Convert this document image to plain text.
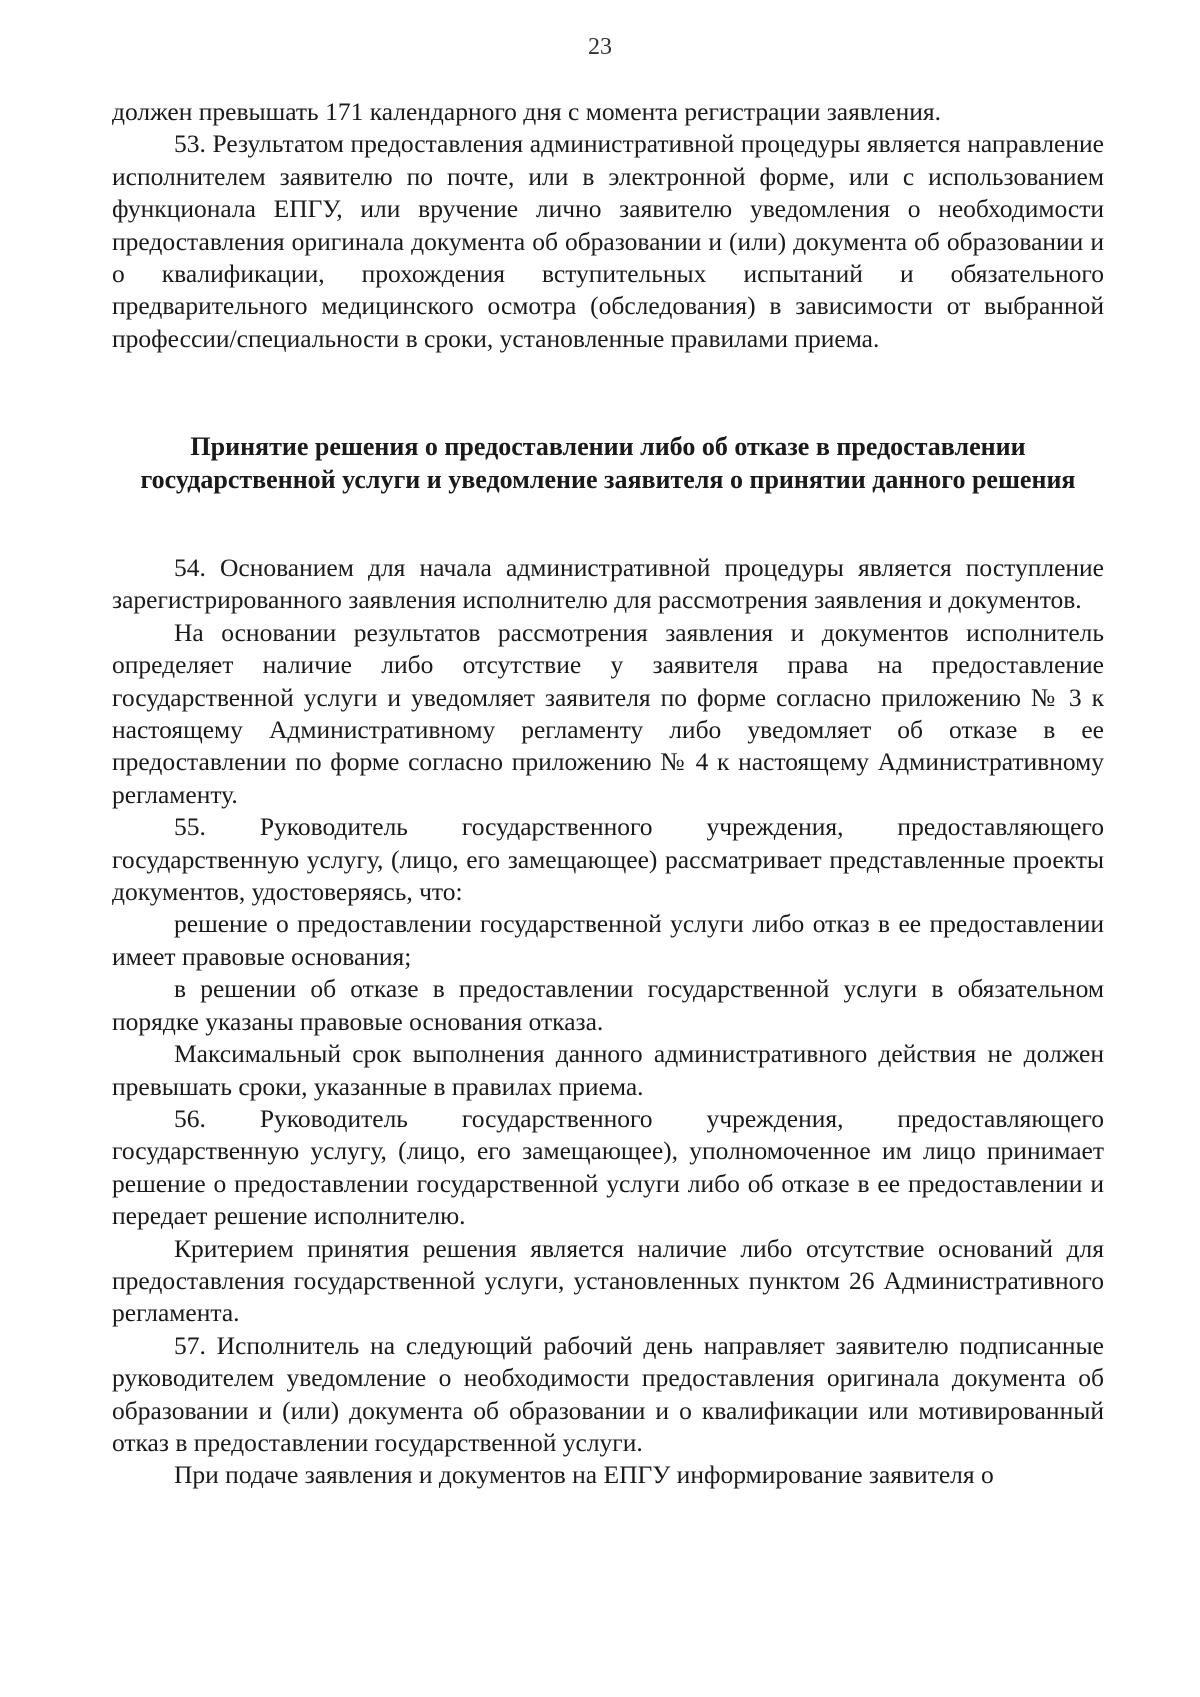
23

должен превышать 171 календарного дня с момента регистрации заявления.

53. Результатом предоставления административной процедуры является направление исполнителем заявителю по почте, или в электронной форме, или с использованием функционала ЕПГУ, или вручение лично заявителю уведомления о необходимости предоставления оригинала документа об образовании и (или) документа об образовании и о квалификации, прохождения вступительных испытаний и обязательного предварительного медицинского осмотра (обследования) в зависимости от выбранной профессии/специальности в сроки, установленные правилами приема.

Принятие решения о предоставлении либо об отказе в предоставлении государственной услуги и уведомление заявителя о принятии данного решения

54. Основанием для начала административной процедуры является поступление зарегистрированного заявления исполнителю для рассмотрения заявления и документов.

На основании результатов рассмотрения заявления и документов исполнитель определяет наличие либо отсутствие у заявителя права на предоставление государственной услуги и уведомляет заявителя по форме согласно приложению № 3 к настоящему Административному регламенту либо уведомляет об отказе в ее предоставлении по форме согласно приложению № 4 к настоящему Административному регламенту.

55. Руководитель государственного учреждения, предоставляющего государственную услугу, (лицо, его замещающее) рассматривает представленные проекты документов, удостоверяясь, что:

решение о предоставлении государственной услуги либо отказ в ее предоставлении имеет правовые основания;

в решении об отказе в предоставлении государственной услуги в обязательном порядке указаны правовые основания отказа.

Максимальный срок выполнения данного административного действия не должен превышать сроки, указанные в правилах приема.

56. Руководитель государственного учреждения, предоставляющего государственную услугу, (лицо, его замещающее), уполномоченное им лицо принимает решение о предоставлении государственной услуги либо об отказе в ее предоставлении и передает решение исполнителю.

Критерием принятия решения является наличие либо отсутствие оснований для предоставления государственной услуги, установленных пунктом 26 Административного регламента.

57. Исполнитель на следующий рабочий день направляет заявителю подписанные руководителем уведомление о необходимости предоставления оригинала документа об образовании и (или) документа об образовании и о квалификации или мотивированный отказ в предоставлении государственной услуги.

При подаче заявления и документов на ЕПГУ информирование заявителя о
